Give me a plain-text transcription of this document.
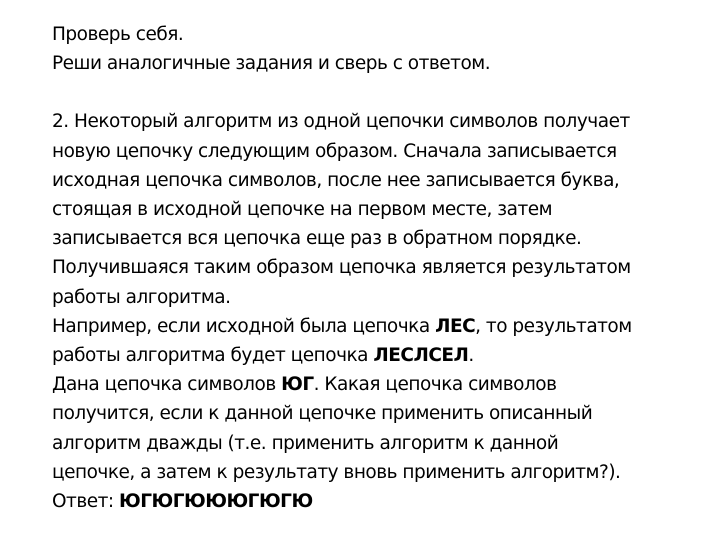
Проверь себя.
Реши аналогичные задания и сверь с ответом.
2. Некоторый алгоритм из одной цепочки символов получает
новую цепочку следующим образом. Сначала записывается
исходная цепочка символов, после нее записывается буква,
стоящая в исходной цепочке на первом месте, затем
записывается вся цепочка еще раз в обратном порядке.
Получившаяся таким образом цепочка является результатом
работы алгоритма.
Например, если исходной была цепочка ЛЕС, то результатом
работы алгоритма будет цепочка ЛЕСЛСЕЛ.
Дана цепочка символов ЮГ. Какая цепочка символов
получится, если к данной цепочке применить описанный
алгоритм дважды (т.е. применить алгоритм к данной
цепочке, а затем к результату вновь применить алгоритм?).
Ответ: ЮГЮГЮЮЮГЮГЮ
